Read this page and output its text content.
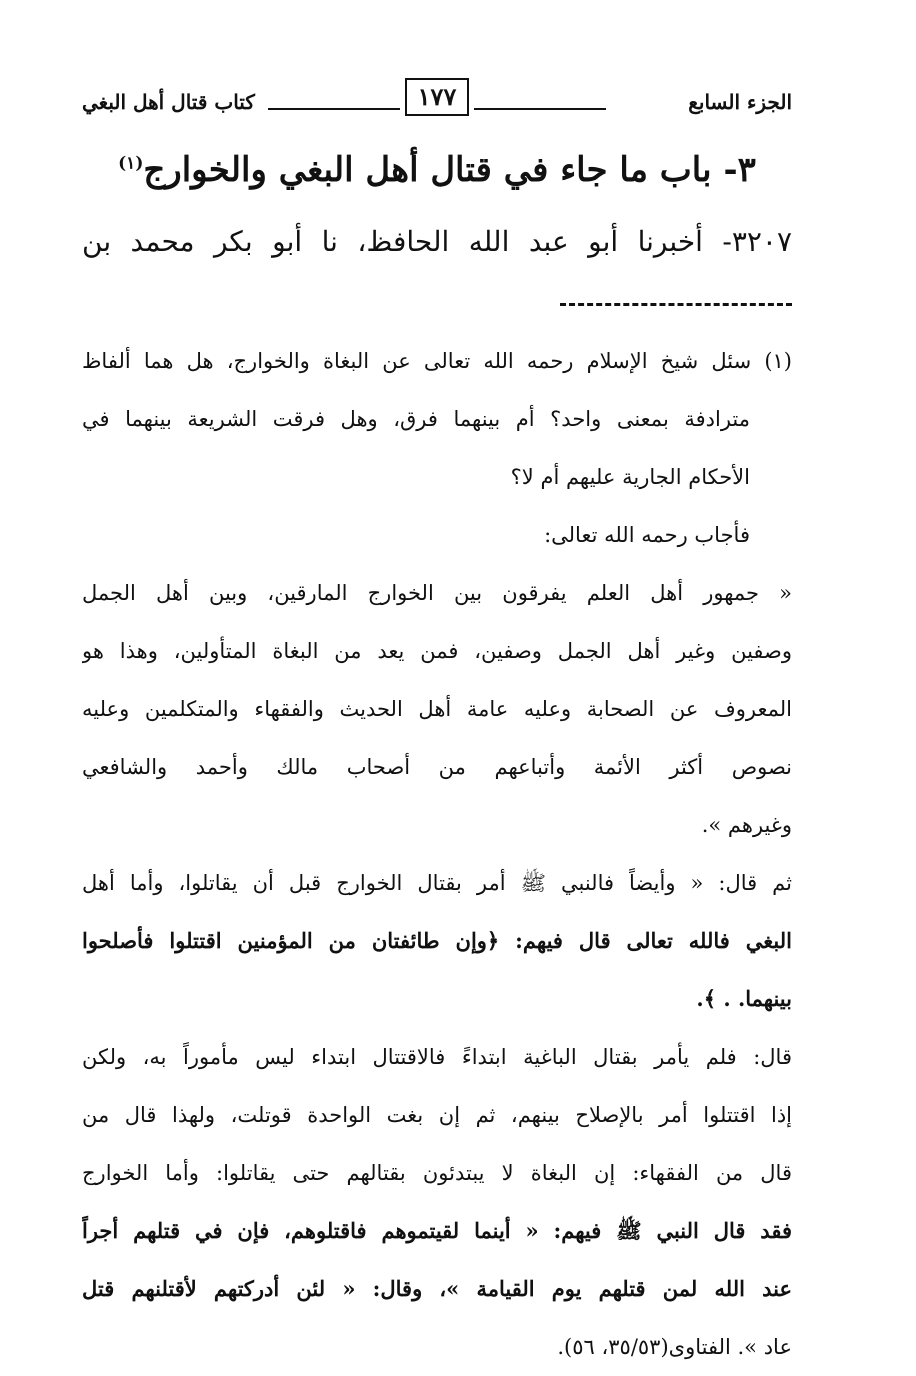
الجزء السابع
١٧٧
كتاب قتال أهل البغي
٣- باب ما جاء في قتال أهل البغي والخوارج$^{(١)}$
٣٢٠٧- أخبرنا أبو عبد الله الحافظ، نا أبو بكر محمد بن
(١) سئل شيخ الإسلام رحمه الله تعالى عن البغاة والخوارج، هل هما ألفاظ
مترادفة بمعنى واحد؟ أم بينهما فرق، وهل فرقت الشريعة بينهما في
الأحكام الجارية عليهم أم لا؟
فأجاب رحمه الله تعالى:
« جمهور أهل العلم يفرقون بين الخوارج المارقين، وبين أهل الجمل
وصفين وغير أهل الجمل وصفين، فمن يعد من البغاة المتأولين، وهذا هو
المعروف عن الصحابة وعليه عامة أهل الحديث والفقهاء والمتكلمين وعليه
نصوص أكثر الأئمة وأتباعهم من أصحاب مالك وأحمد والشافعي
وغيرهم ».
ثم قال: « وأيضاً فالنبي ﷺ أمر بقتال الخوارج قبل أن يقاتلوا، وأما أهل
البغي فالله تعالى قال فيهم: ﴿وإن طائفتان من المؤمنين اقتتلوا فأصلحوا
بينهما. . ﴾.
قال: فلم يأمر بقتال الباغية ابتداءً فالاقتتال ابتداء ليس مأموراً به، ولكن
إذا اقتتلوا أمر بالإصلاح بينهم، ثم إن بغت الواحدة قوتلت، ولهذا قال من
قال من الفقهاء: إن البغاة لا يبتدئون بقتالهم حتى يقاتلوا: وأما الخوارج
فقد قال النبي ﷺ فيهم: « أينما لقيتموهم فاقتلوهم، فإن في قتلهم أجراً
عند الله لمن قتلهم يوم القيامة »، وقال: « لئن أدركتهم لأقتلنهم قتل
عاد ». الفتاوى(٣٥/٥٣، ٥٦).
